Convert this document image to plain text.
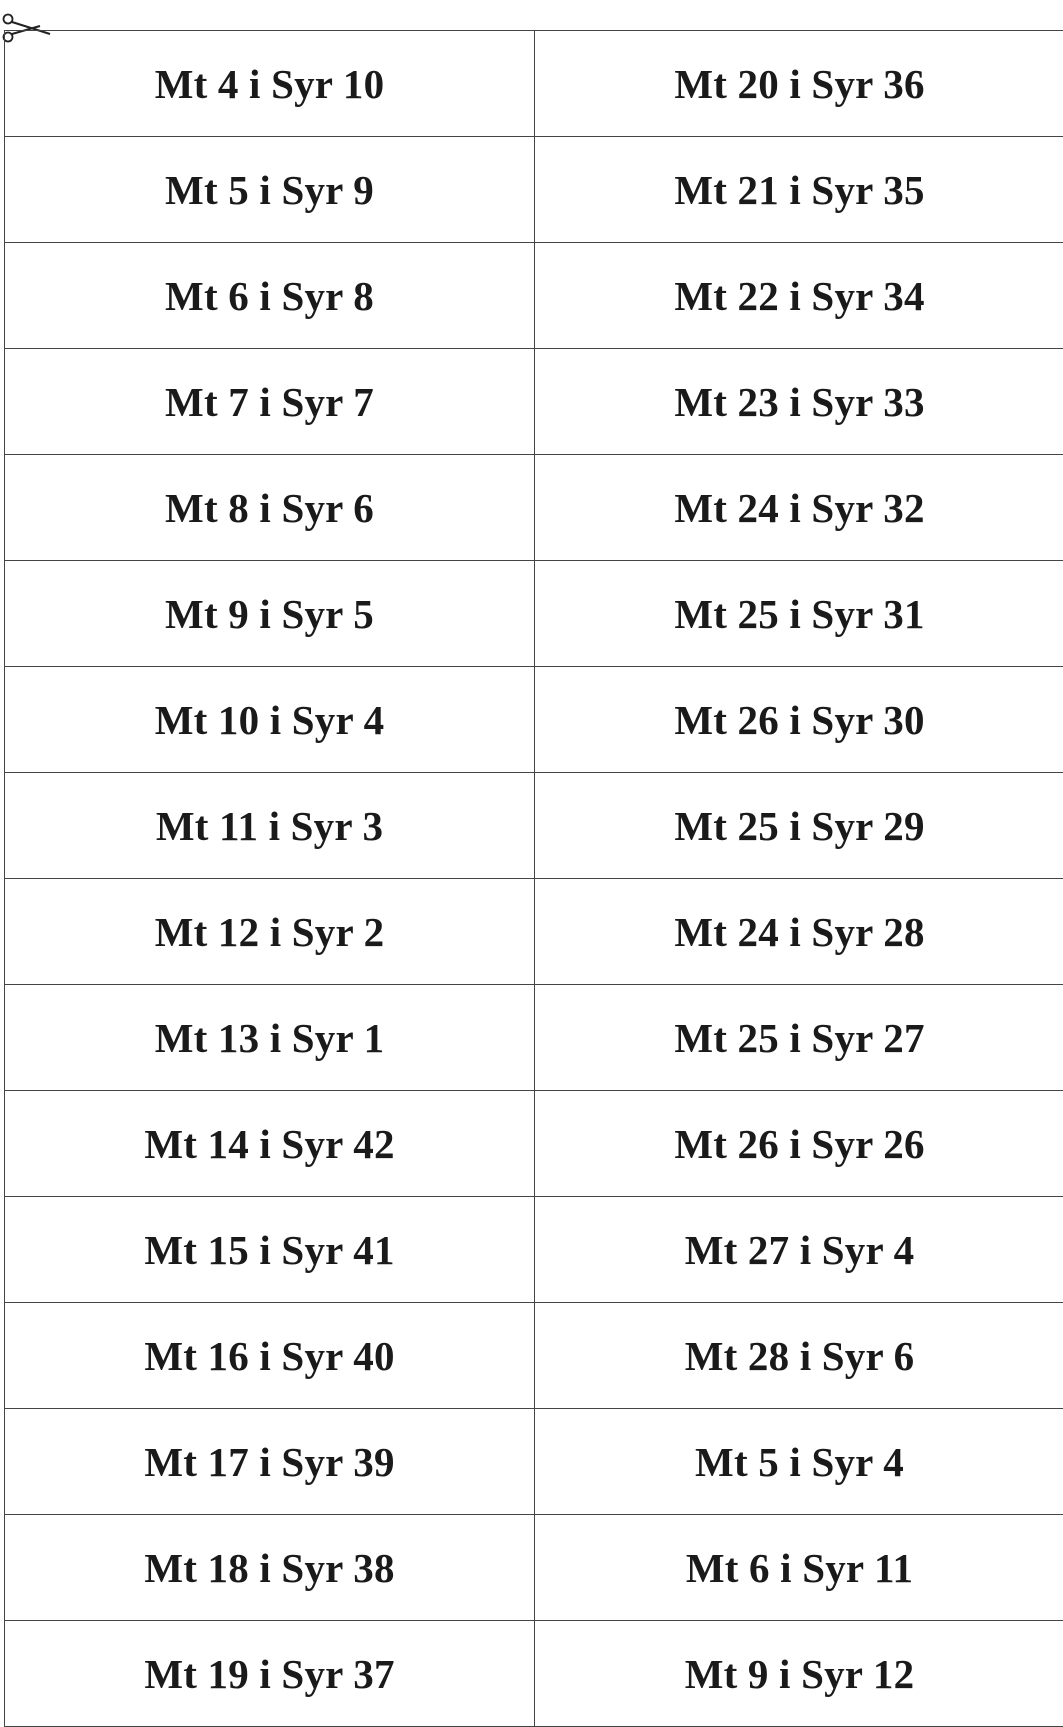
Mt 4 i Syr 10	Mt 20 i Syr 36
Mt 5 i Syr 9	Mt 21 i Syr 35
Mt 6 i Syr 8	Mt 22 i Syr 34
Mt 7 i Syr 7	Mt 23 i Syr 33
Mt 8 i Syr 6	Mt 24 i Syr 32
Mt 9 i Syr 5	Mt 25 i Syr 31
Mt 10 i Syr 4	Mt 26 i Syr 30
Mt 11 i Syr 3	Mt 25 i Syr 29
Mt 12 i Syr 2	Mt 24 i Syr 28
Mt 13 i Syr 1	Mt 25 i Syr 27
Mt 14 i Syr 42	Mt 26 i Syr 26
Mt 15 i Syr 41	Mt 27 i Syr 4
Mt 16 i Syr 40	Mt 28 i Syr 6
Mt 17 i Syr 39	Mt 5 i Syr 4
Mt 18 i Syr 38	Mt 6 i Syr 11
Mt 19 i Syr 37	Mt 9 i Syr 12
